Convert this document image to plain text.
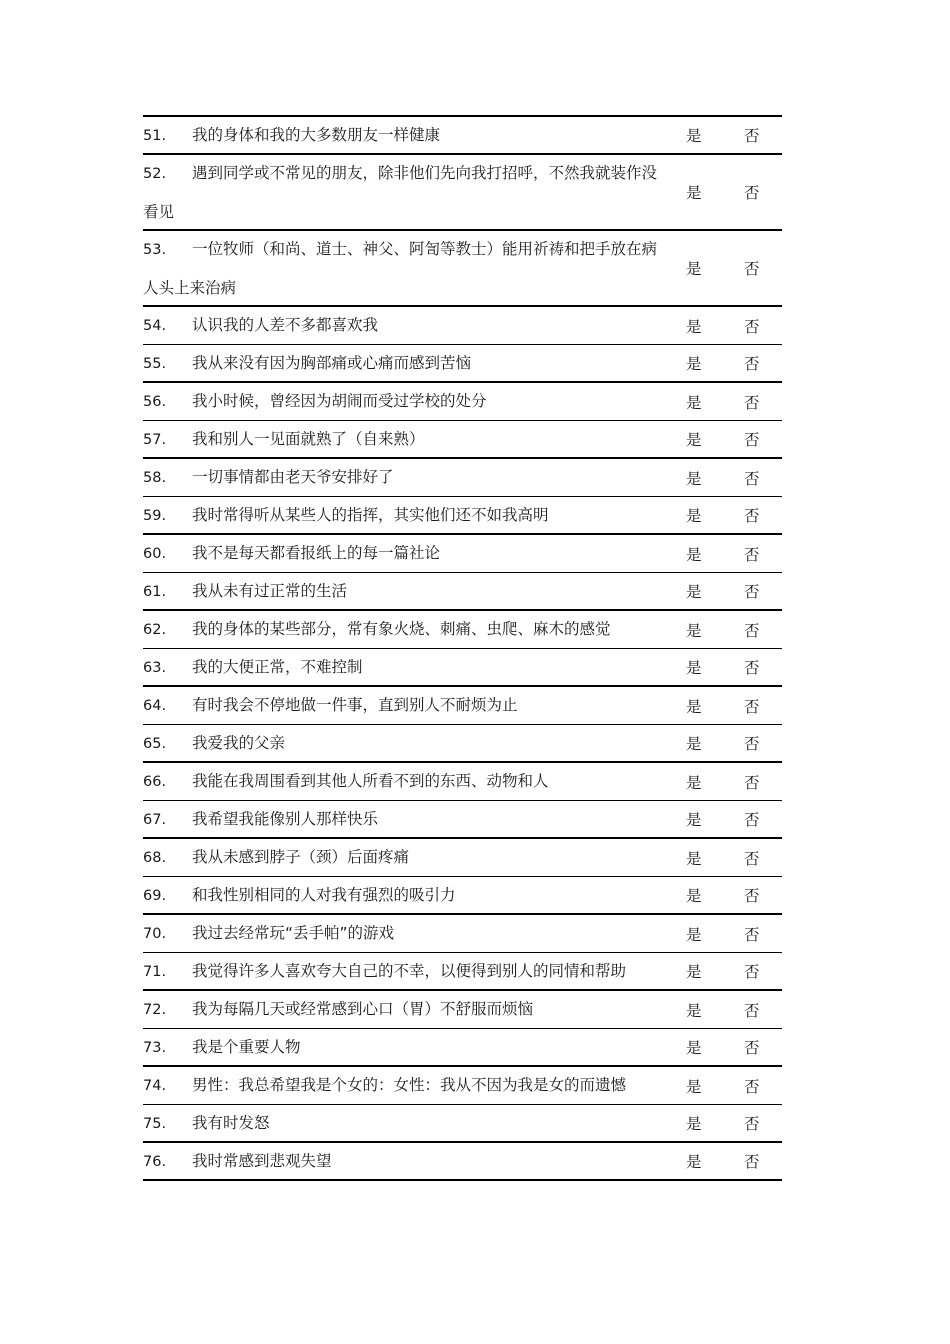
51. 我的身体和我的大多数朋友一样健康	是	否
52. 遇到同学或不常见的朋友，除非他们先向我打招呼，不然我就装作没看见
是	否
53. 一位牧师（和尚、道士、神父、阿訇等教士）能用祈祷和把手放在病人头上来治病
是	否
54. 认识我的人差不多都喜欢我	是	否
55. 我从来没有因为胸部痛或心痛而感到苦恼	是	否
56. 我小时候，曾经因为胡闹而受过学校的处分	是	否
57. 我和别人一见面就熟了（自来熟）	是	否
58. 一切事情都由老天爷安排好了	是	否
59. 我时常得听从某些人的指挥，其实他们还不如我高明	是	否
60. 我不是每天都看报纸上的每一篇社论	是	否
61. 我从未有过正常的生活	是	否
62. 我的身体的某些部分，常有象火烧、刺痛、虫爬、麻木的感觉	是	否
63. 我的大便正常，不难控制	是	否
64. 有时我会不停地做一件事，直到别人不耐烦为止	是	否
65. 我爱我的父亲	是	否
66. 我能在我周围看到其他人所看不到的东西、动物和人	是	否
67. 我希望我能像别人那样快乐	是	否
68. 我从未感到脖子（颈）后面疼痛	是	否
69. 和我性别相同的人对我有强烈的吸引力	是	否
70. 我过去经常玩“丢手帕”的游戏	是	否
71. 我觉得许多人喜欢夸大自己的不幸，以便得到别人的同情和帮助	是	否
72. 我为每隔几天或经常感到心口（胃）不舒服而烦恼	是	否
73. 我是个重要人物	是	否
74. 男性：我总希望我是个女的：女性：我从不因为我是女的而遗憾	是	否
75. 我有时发怒	是	否
76. 我时常感到悲观失望	是	否
